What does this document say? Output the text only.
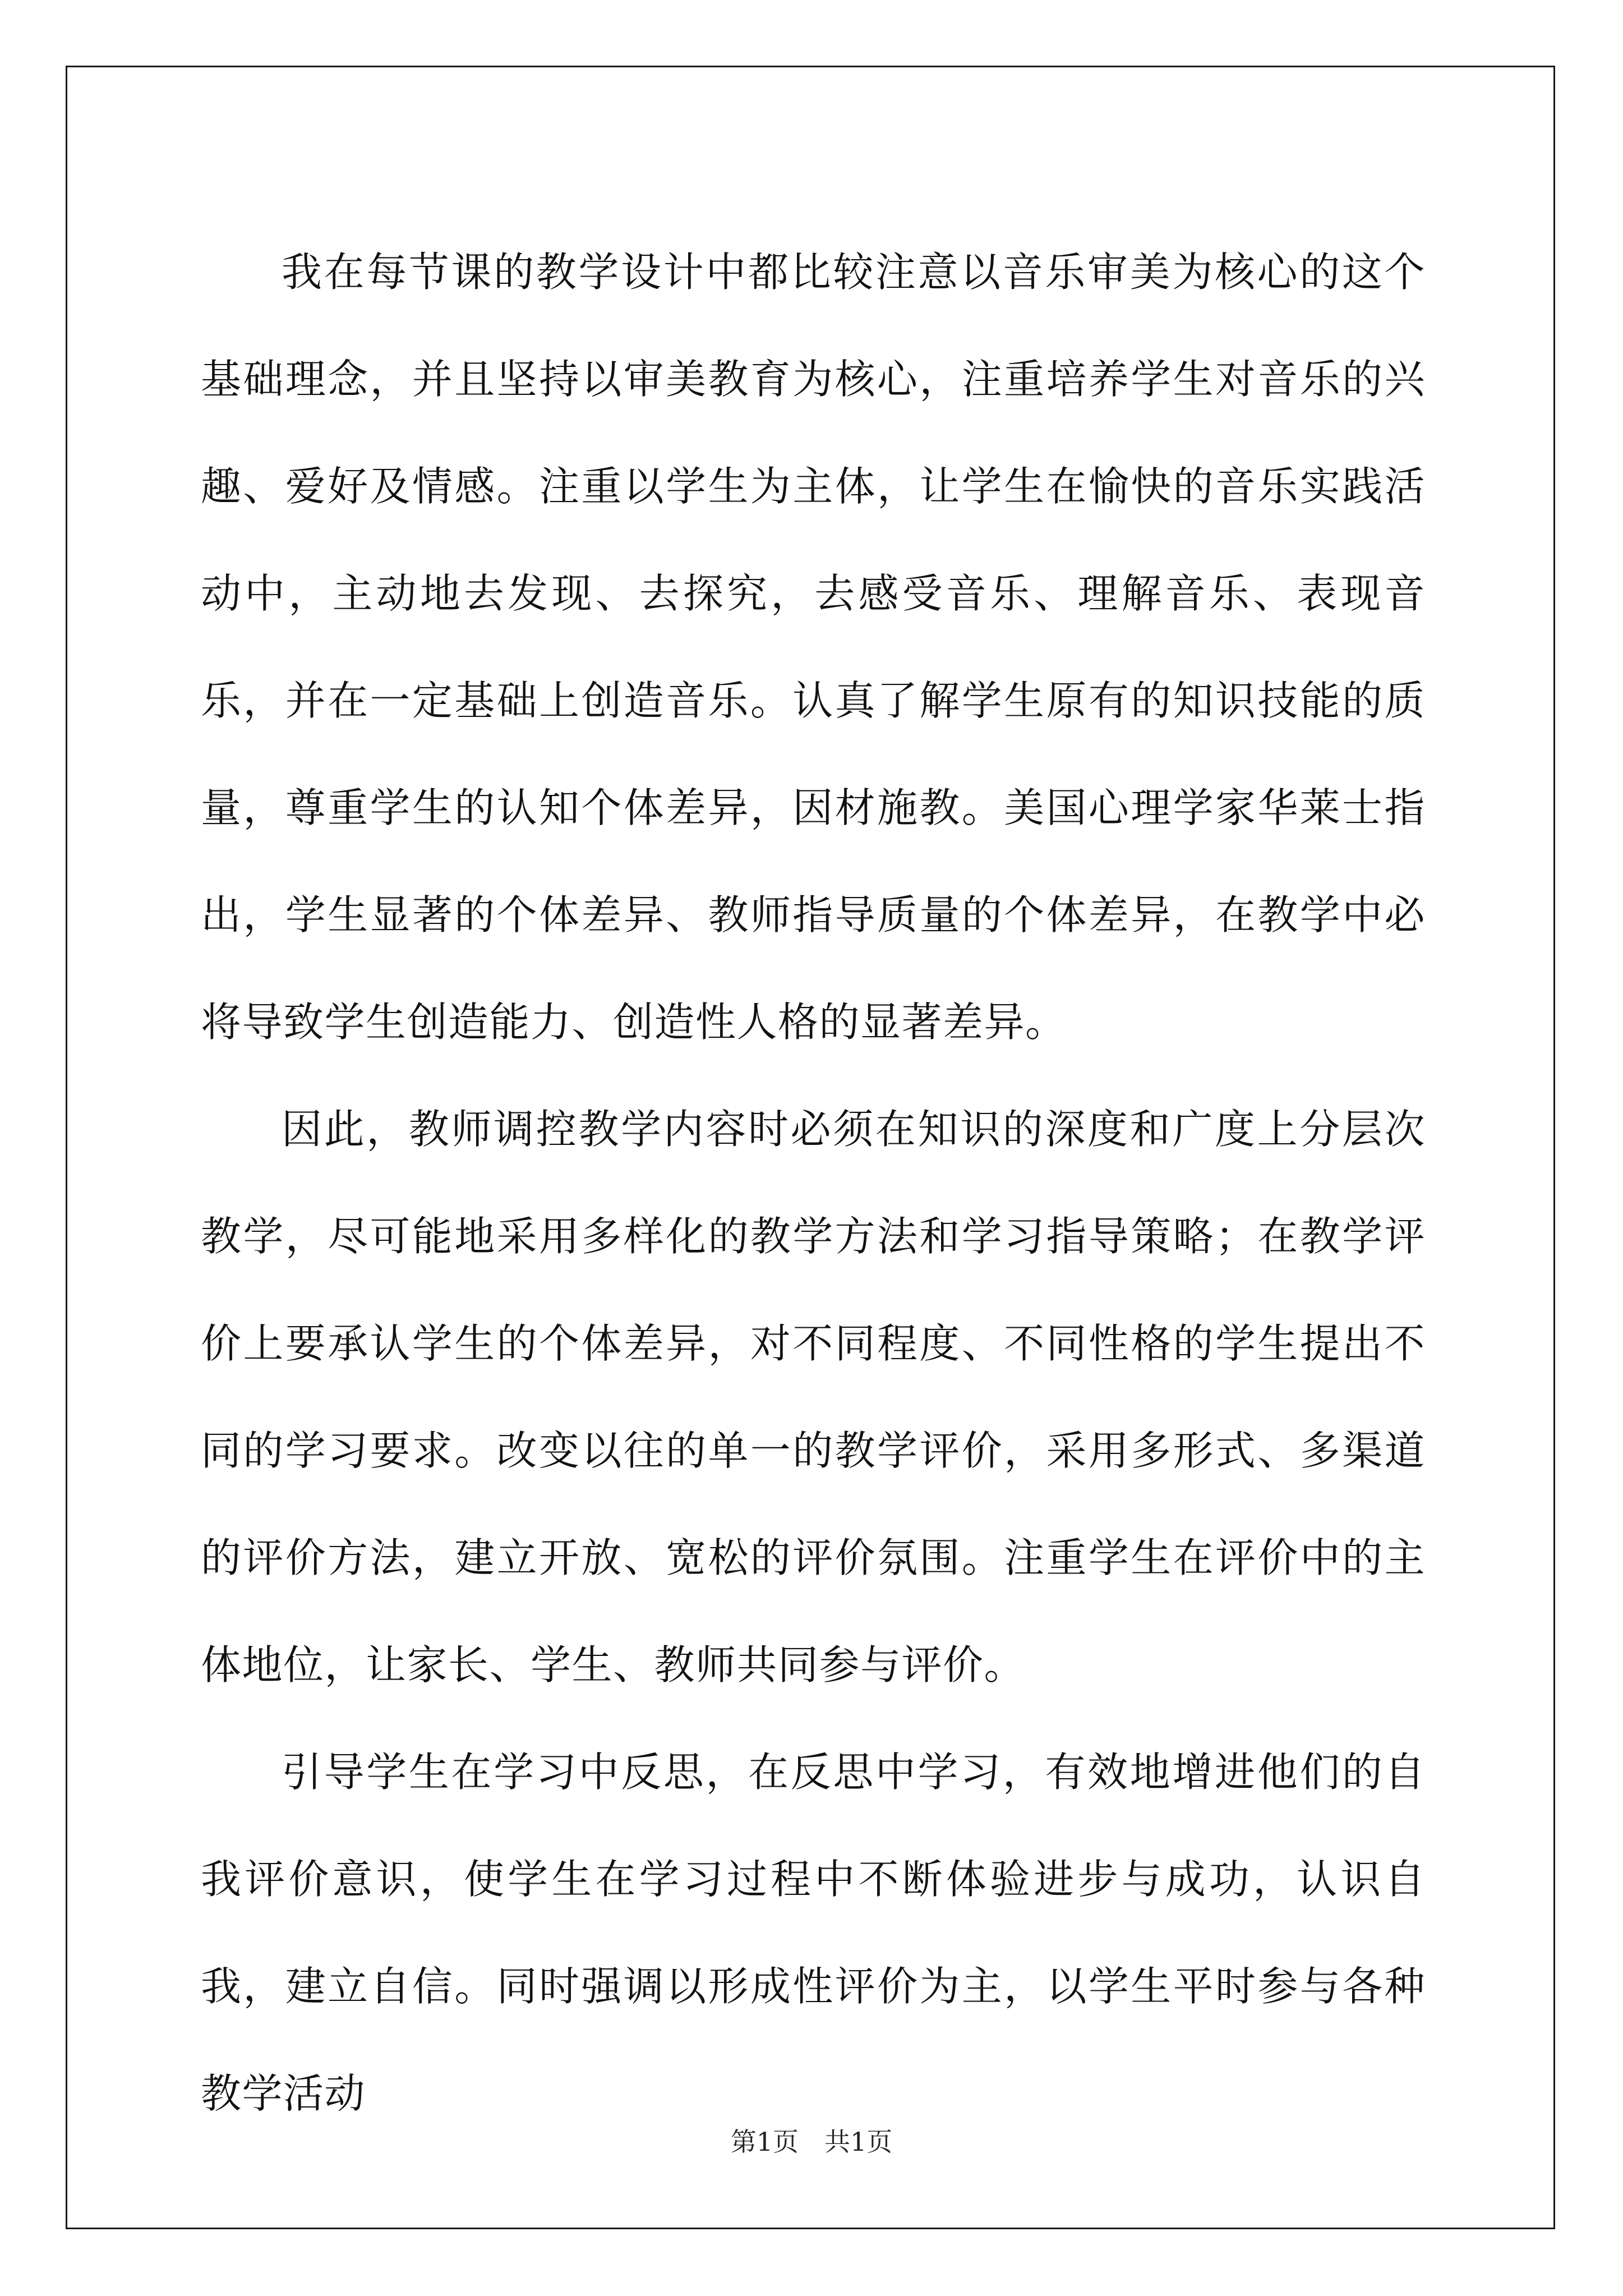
我在每节课的教学设计中都比较注意以音乐审美为核心的这个基础理念，并且坚持以审美教育为核心，注重培养学生对音乐的兴趣、爱好及情感。注重以学生为主体，让学生在愉快的音乐实践活动中，主动地去发现、去探究，去感受音乐、理解音乐、表现音乐，并在一定基础上创造音乐。认真了解学生原有的知识技能的质量，尊重学生的认知个体差异，因材施教。美国心理学家华莱士指出，学生显著的个体差异、教师指导质量的个体差异，在教学中必将导致学生创造能力、创造性人格的显著差异。

因此，教师调控教学内容时必须在知识的深度和广度上分层次教学，尽可能地采用多样化的教学方法和学习指导策略；在教学评价上要承认学生的个体差异，对不同程度、不同性格的学生提出不同的学习要求。改变以往的单一的教学评价，采用多形式、多渠道的评价方法，建立开放、宽松的评价氛围。注重学生在评价中的主体地位，让家长、学生、教师共同参与评价。

引导学生在学习中反思，在反思中学习，有效地增进他们的自我评价意识，使学生在学习过程中不断体验进步与成功，认识自我，建立自信。同时强调以形成性评价为主，以学生平时参与各种教学活动

第1页　共1页
